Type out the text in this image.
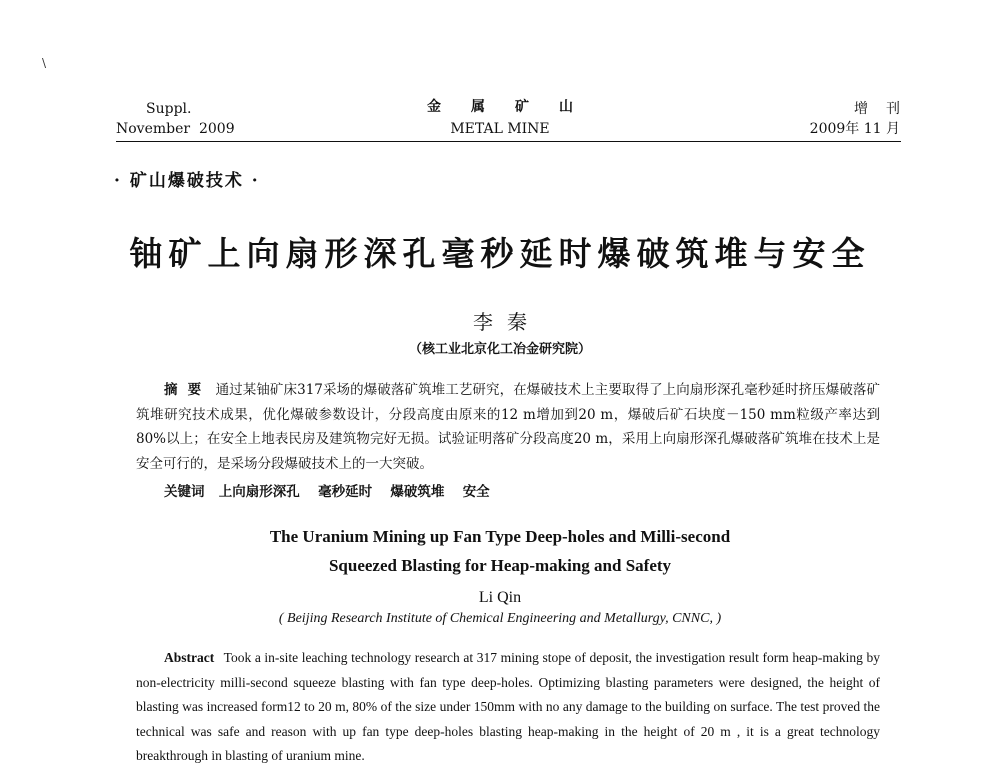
\
Suppl.
November  2009
金属矿山
METAL MINE
增刊
2009年 11 月
· 矿山爆破技术 ·
铀矿上向扇形深孔毫秒延时爆破筑堆与安全
李秦
（核工业北京化工冶金研究院）
摘要 通过某铀矿床317采场的爆破落矿筑堆工艺研究，在爆破技术上主要取得了上向扇形深孔毫秒延时挤压爆破落矿筑堆研究技术成果，优化爆破参数设计，分段高度由原来的12 m增加到20 m，爆破后矿石块度－150 mm粒级产率达到80%以上；在安全上地表民房及建筑物完好无损。试验证明落矿分段高度20 m，采用上向扇形深孔爆破落矿筑堆在技术上是安全可行的，是采场分段爆破技术上的一大突破。
关键词 上向扇形深孔 毫秒延时 爆破筑堆 安全
The Uranium Mining up Fan Type Deep-holes and Milli-second
Squeezed Blasting for Heap-making and Safety
Li Qin
( Beijing Research Institute of Chemical Engineering and Metallurgy, CNNC, )
Abstract Took a in-site leaching technology research at 317 mining stope of deposit, the investigation result form heap-making by non-electricity milli-second squeeze blasting with fan type deep-holes. Optimizing blasting parameters were designed, the height of blasting was increased form12 to 20 m, 80% of the size under 150mm with no any damage to the building on surface. The test proved the technical was safe and reason with up fan type deep-holes blasting heap-making in the height of 20 m , it is a great technology breakthrough in blasting of uranium mine.
